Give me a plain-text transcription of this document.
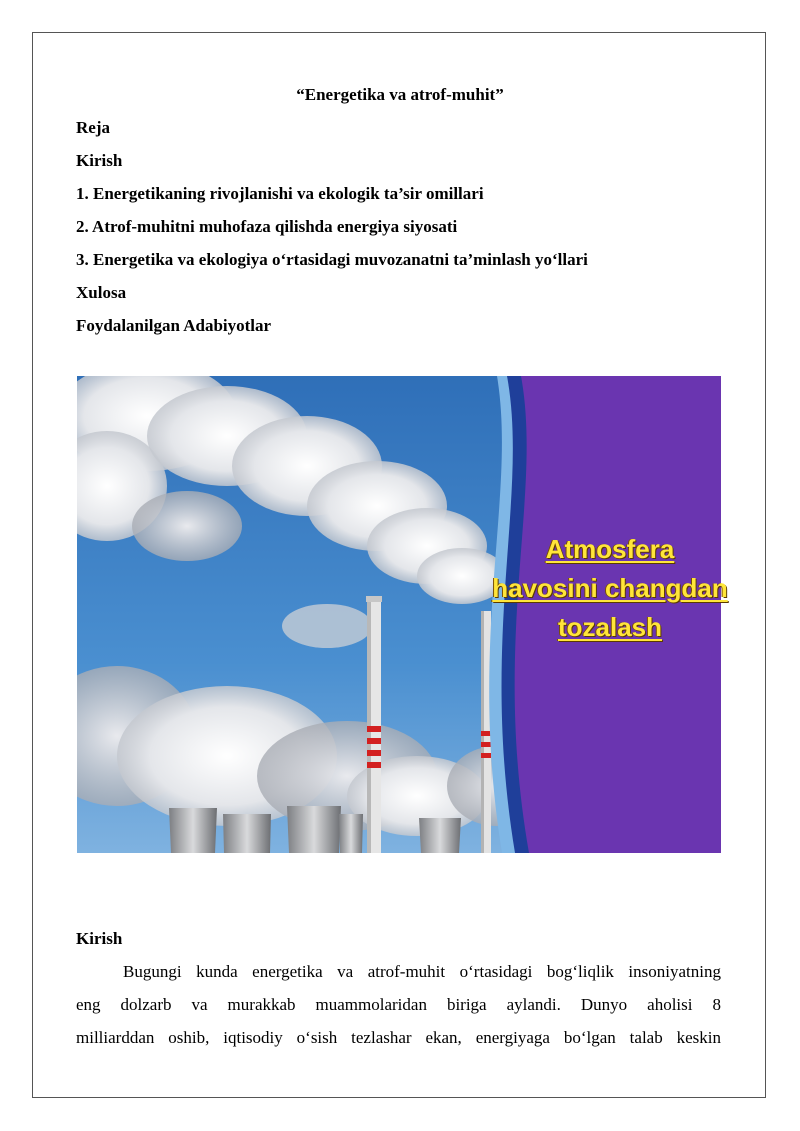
“Energetika va atrof-muhit”
Reja
Kirish
1. Energetikaning rivojlanishi va ekologik ta’sir omillari
2. Atrof-muhitni muhofaza qilishda energiya siyosati
3. Energetika va ekologiya o‘rtasidagi muvozanatni ta’minlash yo‘llari
Xulosa
Foydalanilgan Adabiyotlar
Atmosfera
havosini changdan
tozalash
Kirish
Bugungi kunda energetika va atrof-muhit o‘rtasidagi bog‘liqlik insoniyatning
eng dolzarb va murakkab muammolaridan biriga aylandi. Dunyo aholisi 8
milliarddan oshib, iqtisodiy o‘sish tezlashar ekan, energiyaga bo‘lgan talab keskin
